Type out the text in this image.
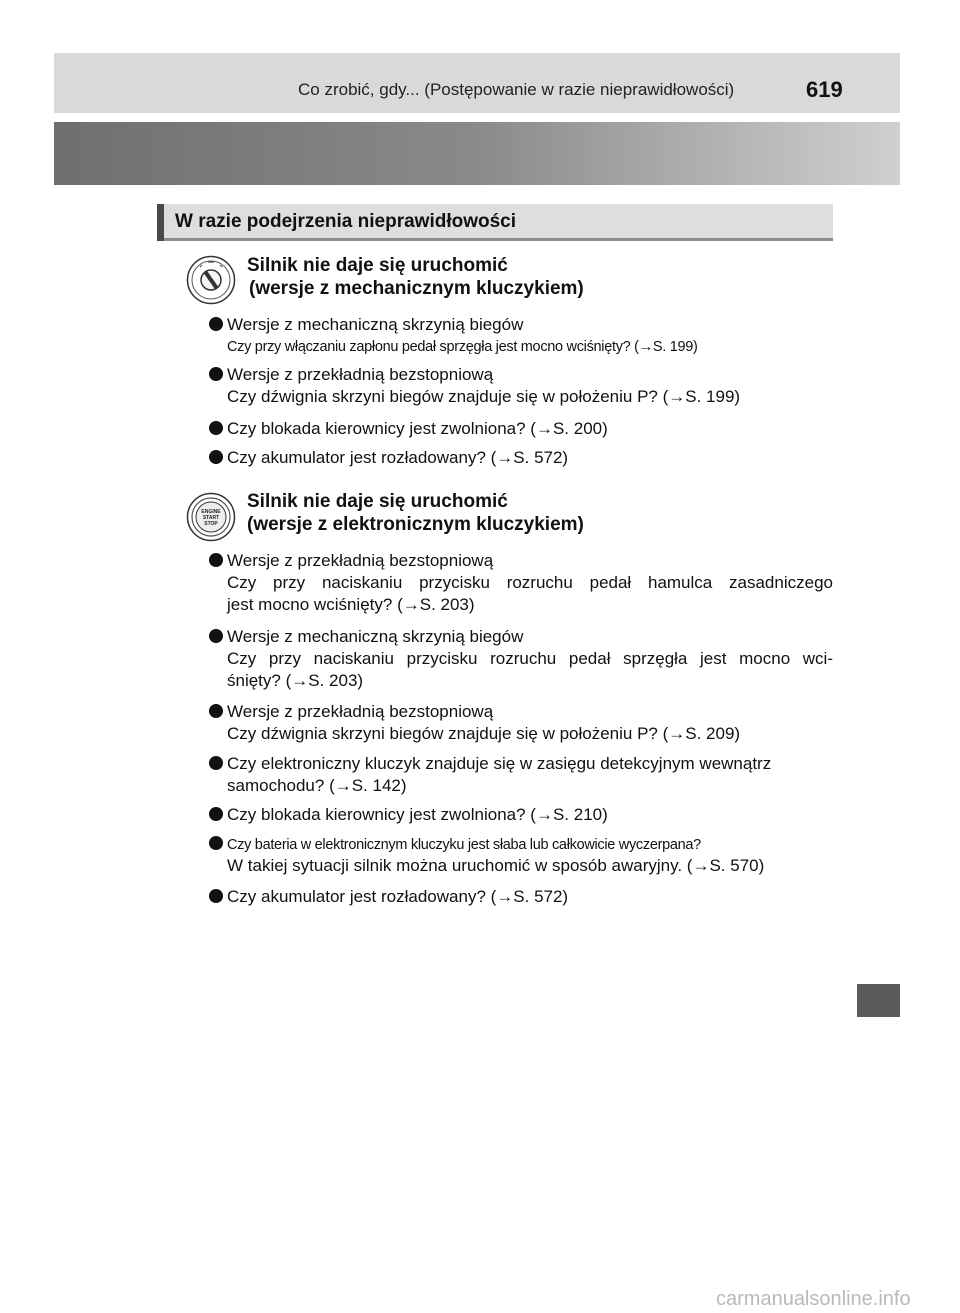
Co zrobić, gdy... (Postępowanie w razie nieprawidłowości)	619
W razie podejrzenia nieprawidłowości
Silnik nie daje się uruchomić
(wersje z mechanicznym kluczykiem)
Wersje z mechaniczną skrzynią biegów
Czy przy włączaniu zapłonu pedał sprzęgła jest mocno wciśnięty? (→S. 199)
Wersje z przekładnią bezstopniową
Czy dźwignia skrzyni biegów znajduje się w położeniu P? (→S. 199)
Czy blokada kierownicy jest zwolniona? (→S. 200)
Czy akumulator jest rozładowany? (→S. 572)
ENGINE
START
STOP
Silnik nie daje się uruchomić
(wersje z elektronicznym kluczykiem)
Wersje z przekładnią bezstopniową
Czy przy naciskaniu przycisku rozruchu pedał hamulca zasadniczego
jest mocno wciśnięty? (→S. 203)
Wersje z mechaniczną skrzynią biegów
Czy przy naciskaniu przycisku rozruchu pedał sprzęgła jest mocno wci-
śnięty? (→S. 203)
Wersje z przekładnią bezstopniową
Czy dźwignia skrzyni biegów znajduje się w położeniu P? (→S. 209)
Czy elektroniczny kluczyk znajduje się w zasięgu detekcyjnym wewnątrz
samochodu? (→S. 142)
Czy blokada kierownicy jest zwolniona? (→S. 210)
Czy bateria w elektronicznym kluczyku jest słaba lub całkowicie wyczerpana?
W takiej sytuacji silnik można uruchomić w sposób awaryjny. (→S. 570)
Czy akumulator jest rozładowany? (→S. 572)
carmanualsonline.info
